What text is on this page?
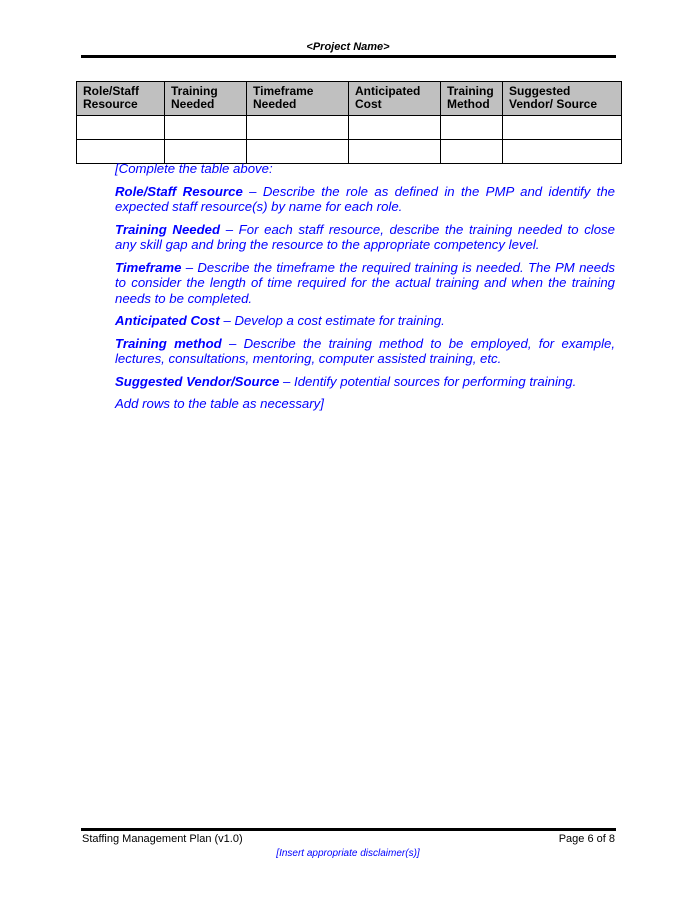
<Project Name>
Role/Staff Resource	Training Needed	Timeframe Needed	Anticipated Cost	Training Method	Suggested Vendor/ Source

[Complete the table above:

Role/Staff Resource – Describe the role as defined in the PMP and identify the expected staff resource(s) by name for each role.

Training Needed – For each staff resource, describe the training needed to close any skill gap and bring the resource to the appropriate competency level.

Timeframe – Describe the timeframe the required training is needed. The PM needs to consider the length of time required for the actual training and when the training needs to be completed.

Anticipated Cost – Develop a cost estimate for training.

Training method – Describe the training method to be employed, for example, lectures, consultations, mentoring, computer assisted training, etc.

Suggested Vendor/Source – Identify potential sources for performing training.

Add rows to the table as necessary]

Staffing Management Plan (v1.0)	Page 6 of 8
[Insert appropriate disclaimer(s)]
